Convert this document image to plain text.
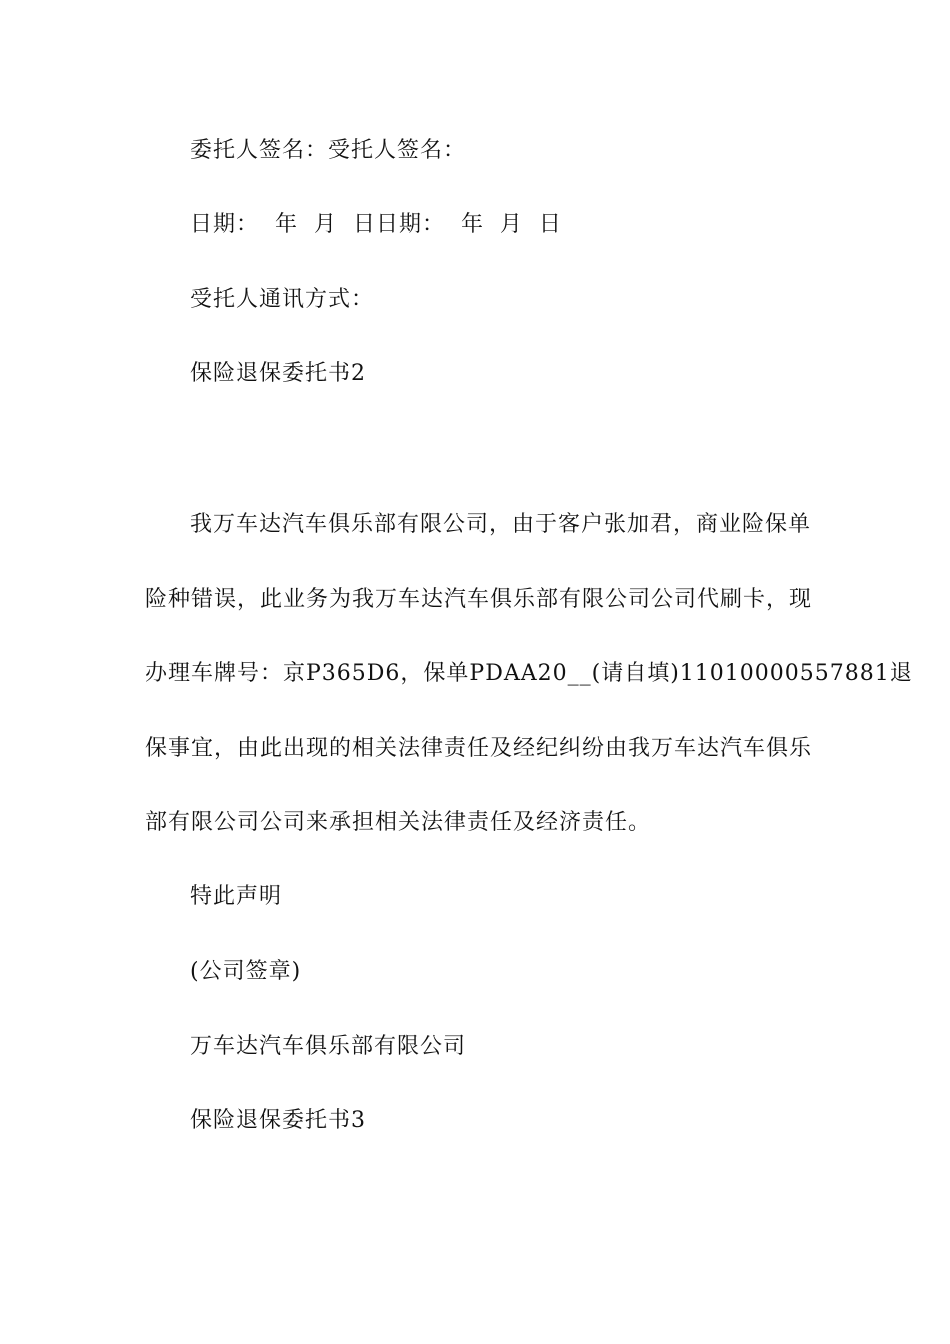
委托人签名：受托人签名：
日期：  年  月  日日期：  年  月  日
受托人通讯方式：
保险退保委托书2
我万车达汽车俱乐部有限公司，由于客户张加君，商业险保单
险种错误，此业务为我万车达汽车俱乐部有限公司公司代刷卡，现
办理车牌号：京P365D6，保单PDAA20__(请自填)11010000557881退
保事宜，由此出现的相关法律责任及经纪纠纷由我万车达汽车俱乐
部有限公司公司来承担相关法律责任及经济责任。
特此声明
(公司签章)
万车达汽车俱乐部有限公司
保险退保委托书3
